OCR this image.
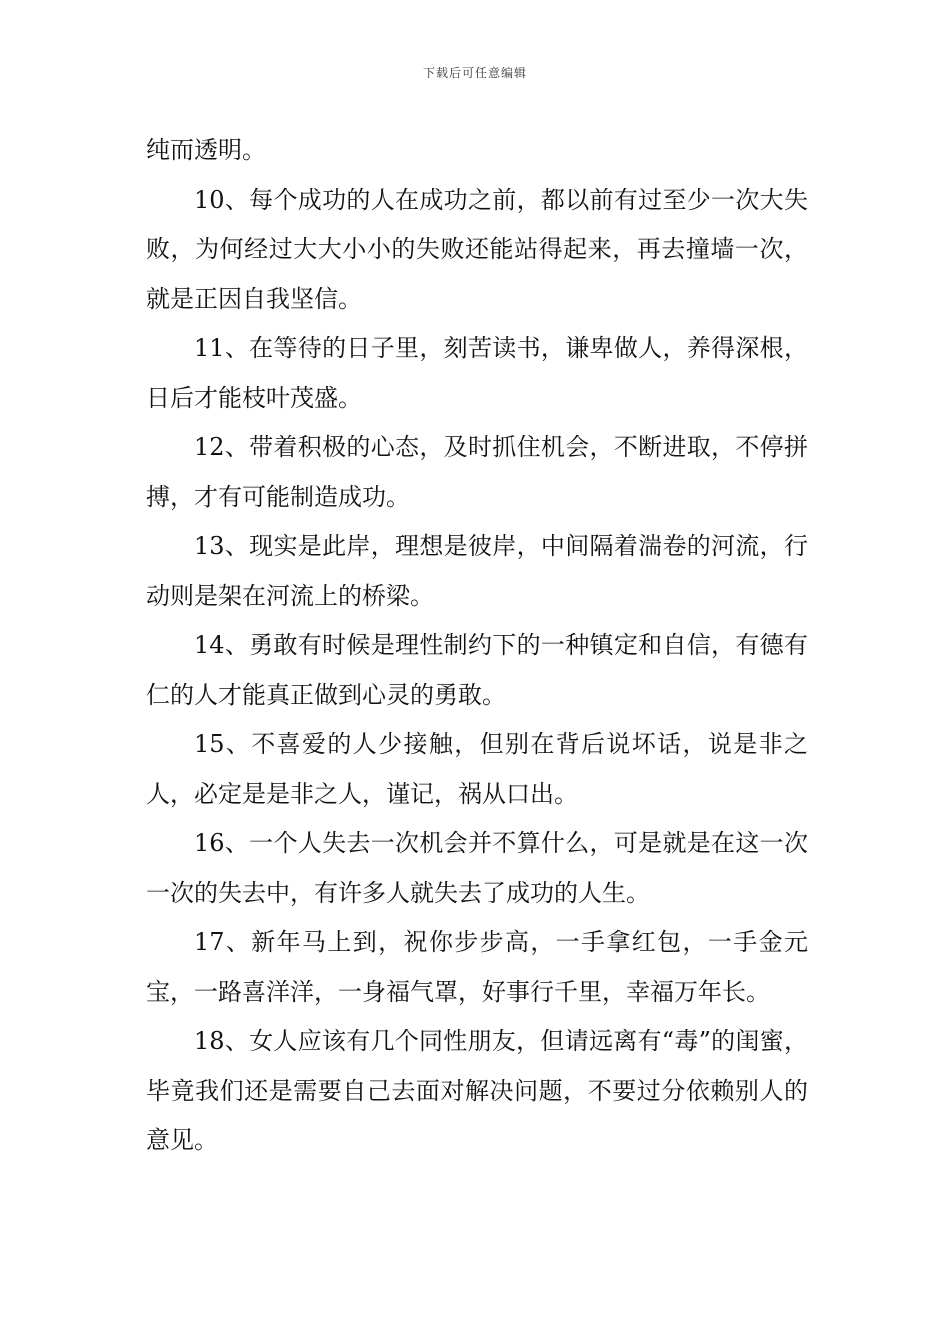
下载后可任意编辑

纯而透明。

10、每个成功的人在成功之前，都以前有过至少一次大失败，为何经过大大小小的失败还能站得起来，再去撞墙一次，就是正因自我坚信。

11、在等待的日子里，刻苦读书，谦卑做人，养得深根，日后才能枝叶茂盛。

12、带着积极的心态，及时抓住机会，不断进取，不停拼搏，才有可能制造成功。

13、现实是此岸，理想是彼岸，中间隔着湍卷的河流，行动则是架在河流上的桥梁。

14、勇敢有时候是理性制约下的一种镇定和自信，有德有仁的人才能真正做到心灵的勇敢。

15、不喜爱的人少接触，但别在背后说坏话，说是非之人，必定是是非之人，谨记，祸从口出。

16、一个人失去一次机会并不算什么，可是就是在这一次一次的失去中，有许多人就失去了成功的人生。

17、新年马上到，祝你步步高，一手拿红包，一手金元宝，一路喜洋洋，一身福气罩，好事行千里，幸福万年长。

18、女人应该有几个同性朋友，但请远离有“毒”的闺蜜，毕竟我们还是需要自己去面对解决问题，不要过分依赖别人的意见。
